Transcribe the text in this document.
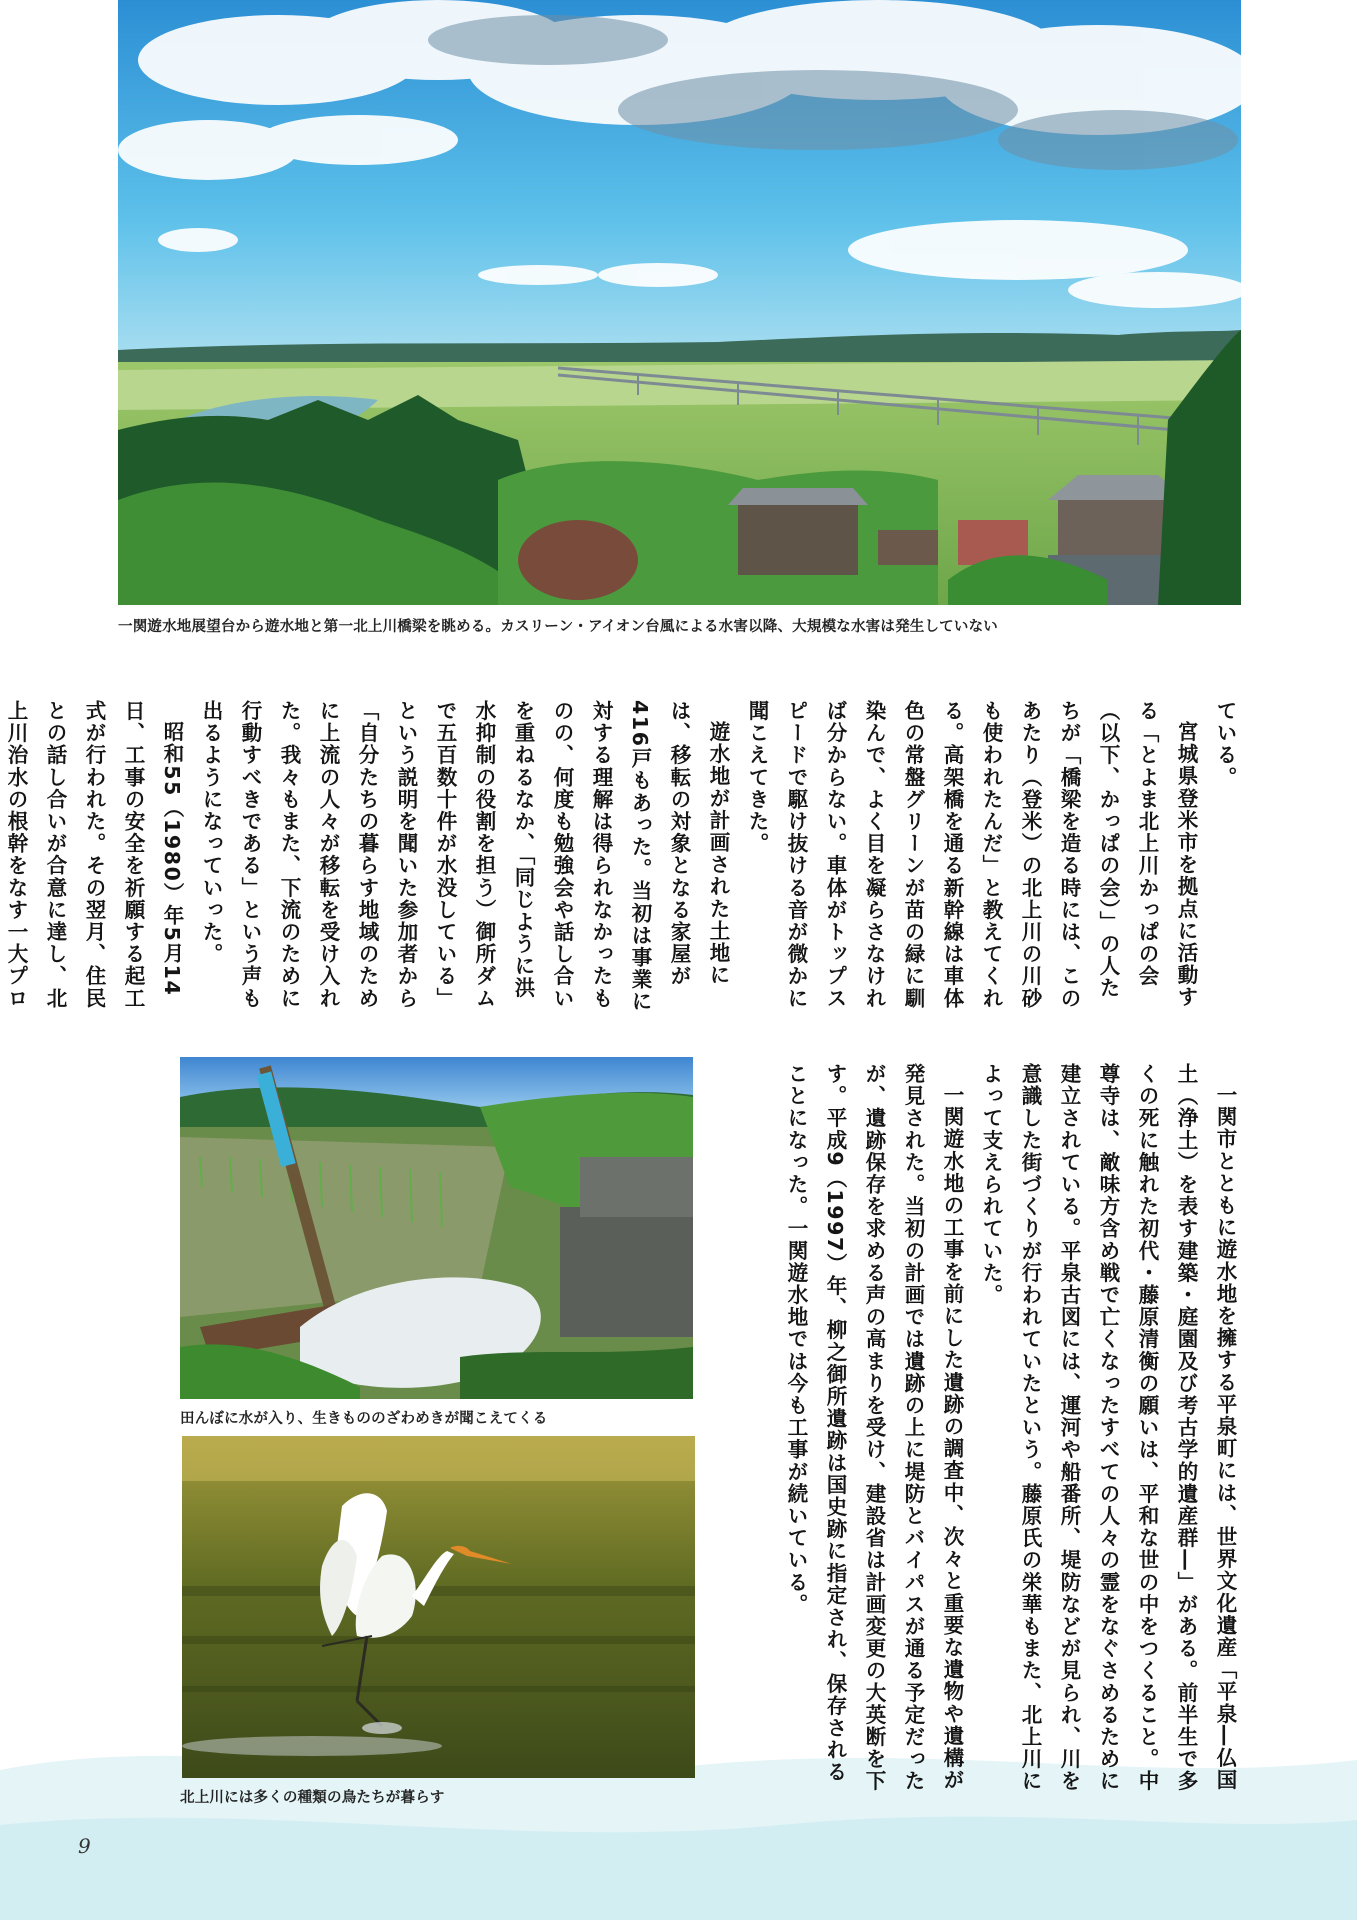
一関遊水地展望台から遊水地と第一北上川橋梁を眺める。カスリーン・アイオン台風による水害以降、大規模な水害は発生していない

ている。

宮城県登米市を拠点に活動する「とよま北上川かっぱの会（以下、かっぱの会）」の人たちが「橋梁を造る時には、このあたり（登米）の北上川の川砂も使われたんだ」と教えてくれる。高架橋を通る新幹線は車体色の常盤グリーンが苗の緑に馴染んで、よく目を凝らさなければ分からない。車体がトップスピードで駆け抜ける音が微かに聞こえてきた。

遊水地が計画された土地には、移転の対象となる家屋が416戸もあった。当初は事業に対する理解は得られなかったものの、何度も勉強会や話し合いを重ねるなか、「同じように洪水抑制の役割を担う）御所ダムで五百数十件が水没している」という説明を聞いた参加者から「自分たちの暮らす地域のために上流の人々が移転を受け入れた。我々もまた、下流のために行動すべきである」という声も出るようになっていった。

昭和55（1980）年5月14日、工事の安全を祈願する起工式が行われた。その翌月、住民との話し合いが合意に達し、北上川治水の根幹をなす一大プロ

一関市とともに遊水地を擁する平泉町には、世界文化遺産「平泉―仏国土（浄土）を表す建築・庭園及び考古学的遺産群―」がある。前半生で多くの死に触れた初代・藤原清衡の願いは、平和な世の中をつくること。中尊寺は、敵味方含め戦で亡くなったすべての人々の霊をなぐさめるために建立されている。平泉古図には、運河や船番所、堤防などが見られ、川を意識した街づくりが行われていたという。藤原氏の栄華もまた、北上川によって支えられていた。

一関遊水地の工事を前にした遺跡の調査中、次々と重要な遺物や遺構が発見された。当初の計画では遺跡の上に堤防とバイパスが通る予定だったが、遺跡保存を求める声の高まりを受け、建設省は計画変更の大英断を下す。平成9（1997）年、柳之御所遺跡は国史跡に指定され、保存されることになった。一関遊水地では今も工事が続いている。

田んぼに水が入り、生きもののざわめきが聞こえてくる
北上川には多くの種類の鳥たちが暮らす
9
